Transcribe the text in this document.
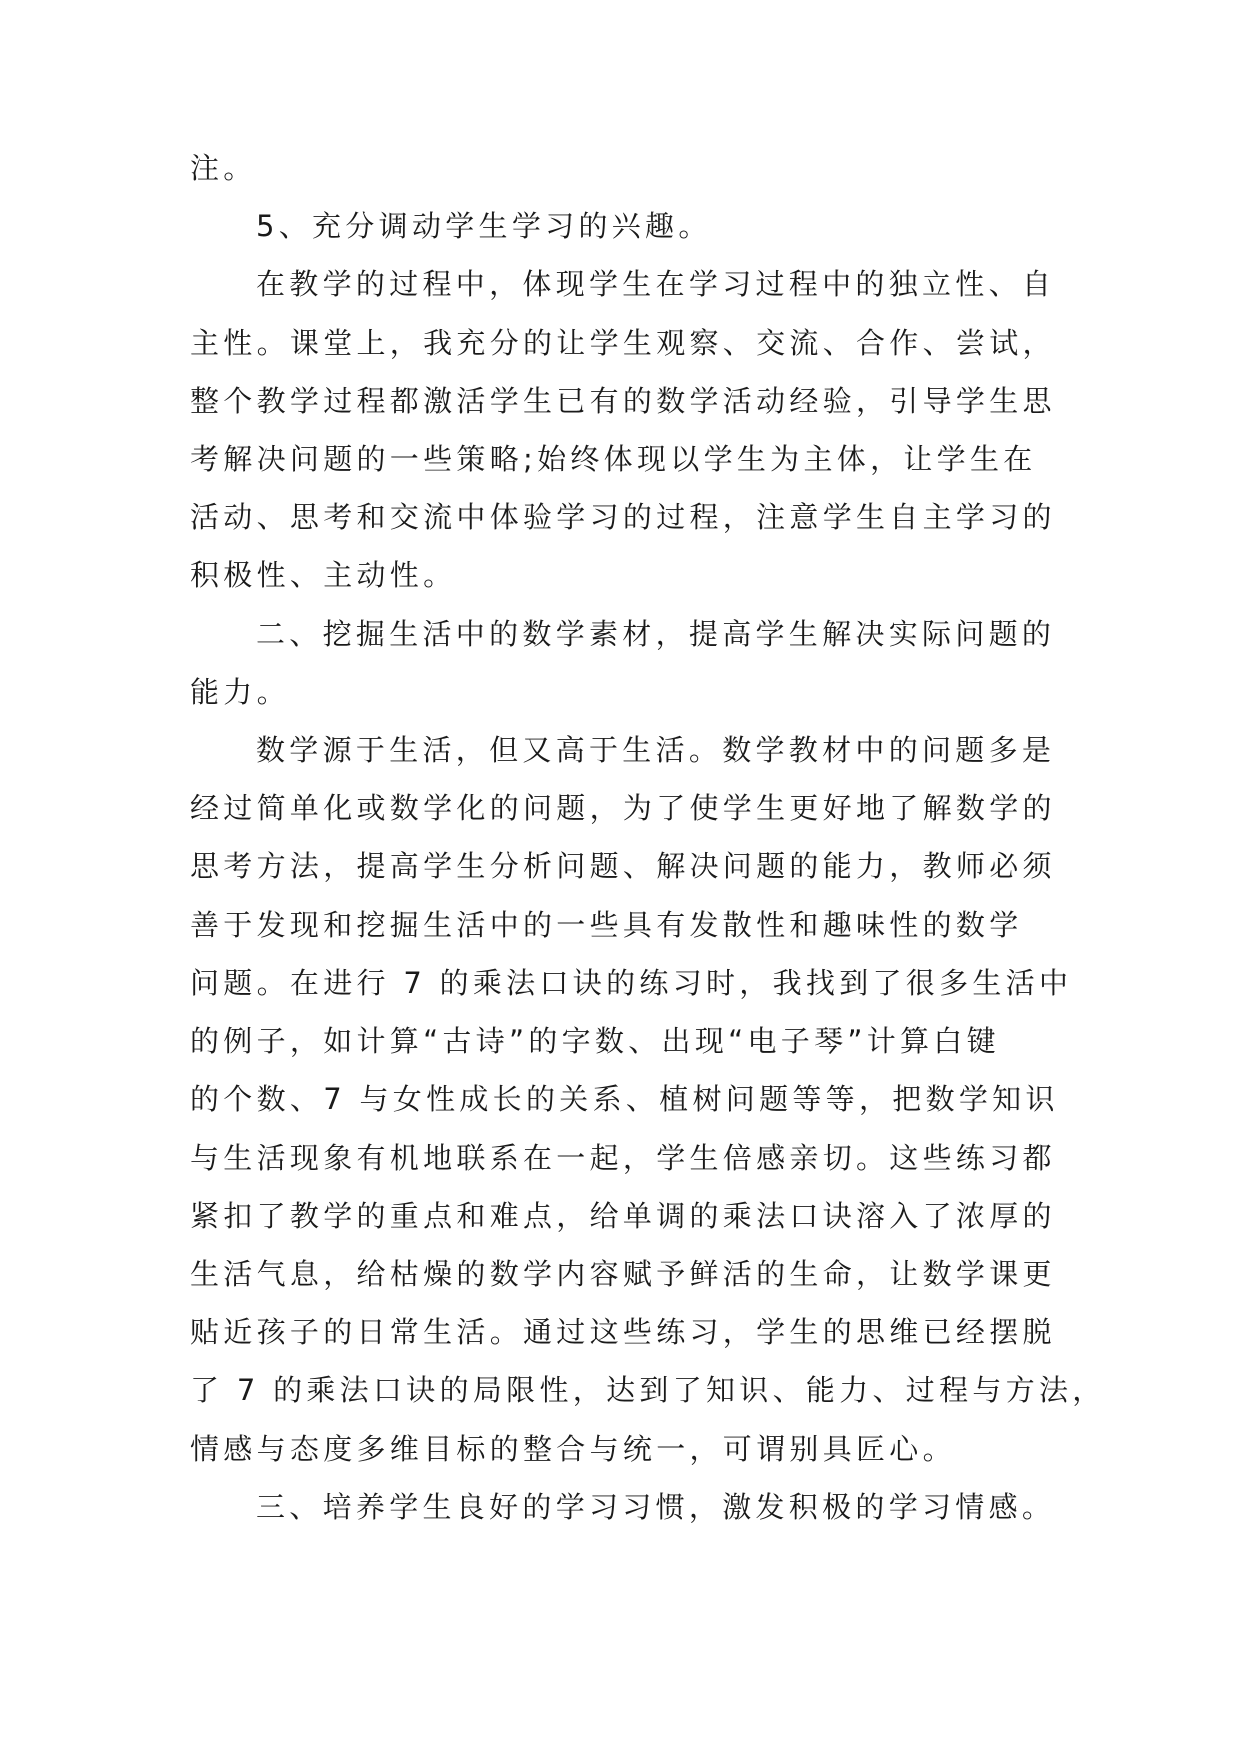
注。
5、充分调动学生学习的兴趣。
在教学的过程中，体现学生在学习过程中的独立性、自
主性。课堂上，我充分的让学生观察、交流、合作、尝试，
整个教学过程都激活学生已有的数学活动经验，引导学生思
考解决问题的一些策略;始终体现以学生为主体，让学生在
活动、思考和交流中体验学习的过程，注意学生自主学习的
积极性、主动性。
二、挖掘生活中的数学素材，提高学生解决实际问题的
能力。
数学源于生活，但又高于生活。数学教材中的问题多是
经过简单化或数学化的问题，为了使学生更好地了解数学的
思考方法，提高学生分析问题、解决问题的能力，教师必须
善于发现和挖掘生活中的一些具有发散性和趣味性的数学
问题。在进行 7 的乘法口诀的练习时，我找到了很多生活中
的例子，如计算“古诗”的字数、出现“电子琴”计算白键
的个数、7 与女性成长的关系、植树问题等等，把数学知识
与生活现象有机地联系在一起，学生倍感亲切。这些练习都
紧扣了教学的重点和难点，给单调的乘法口诀溶入了浓厚的
生活气息，给枯燥的数学内容赋予鲜活的生命，让数学课更
贴近孩子的日常生活。通过这些练习，学生的思维已经摆脱
了 7 的乘法口诀的局限性，达到了知识、能力、过程与方法，
情感与态度多维目标的整合与统一，可谓别具匠心。
三、培养学生良好的学习习惯，激发积极的学习情感。
